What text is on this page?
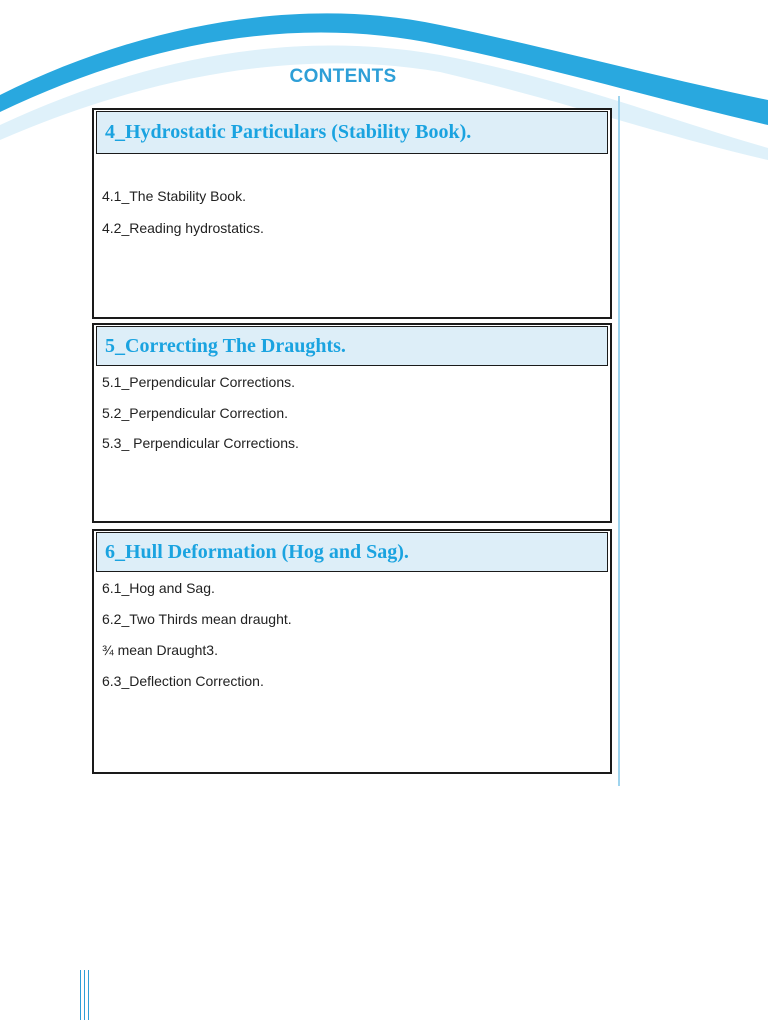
CONTENTS
4_Hydrostatic Particulars (Stability Book).
4.1_The Stability Book.
4.2_Reading hydrostatics.
5_Correcting The Draughts.
5.1_Perpendicular Corrections.
5.2_Perpendicular Correction.
5.3_ Perpendicular Corrections.
6_Hull Deformation (Hog and Sag).
6.1_Hog and Sag.
6.2_Two Thirds mean draught.
¾ mean Draught3.
6.3_Deflection Correction.
